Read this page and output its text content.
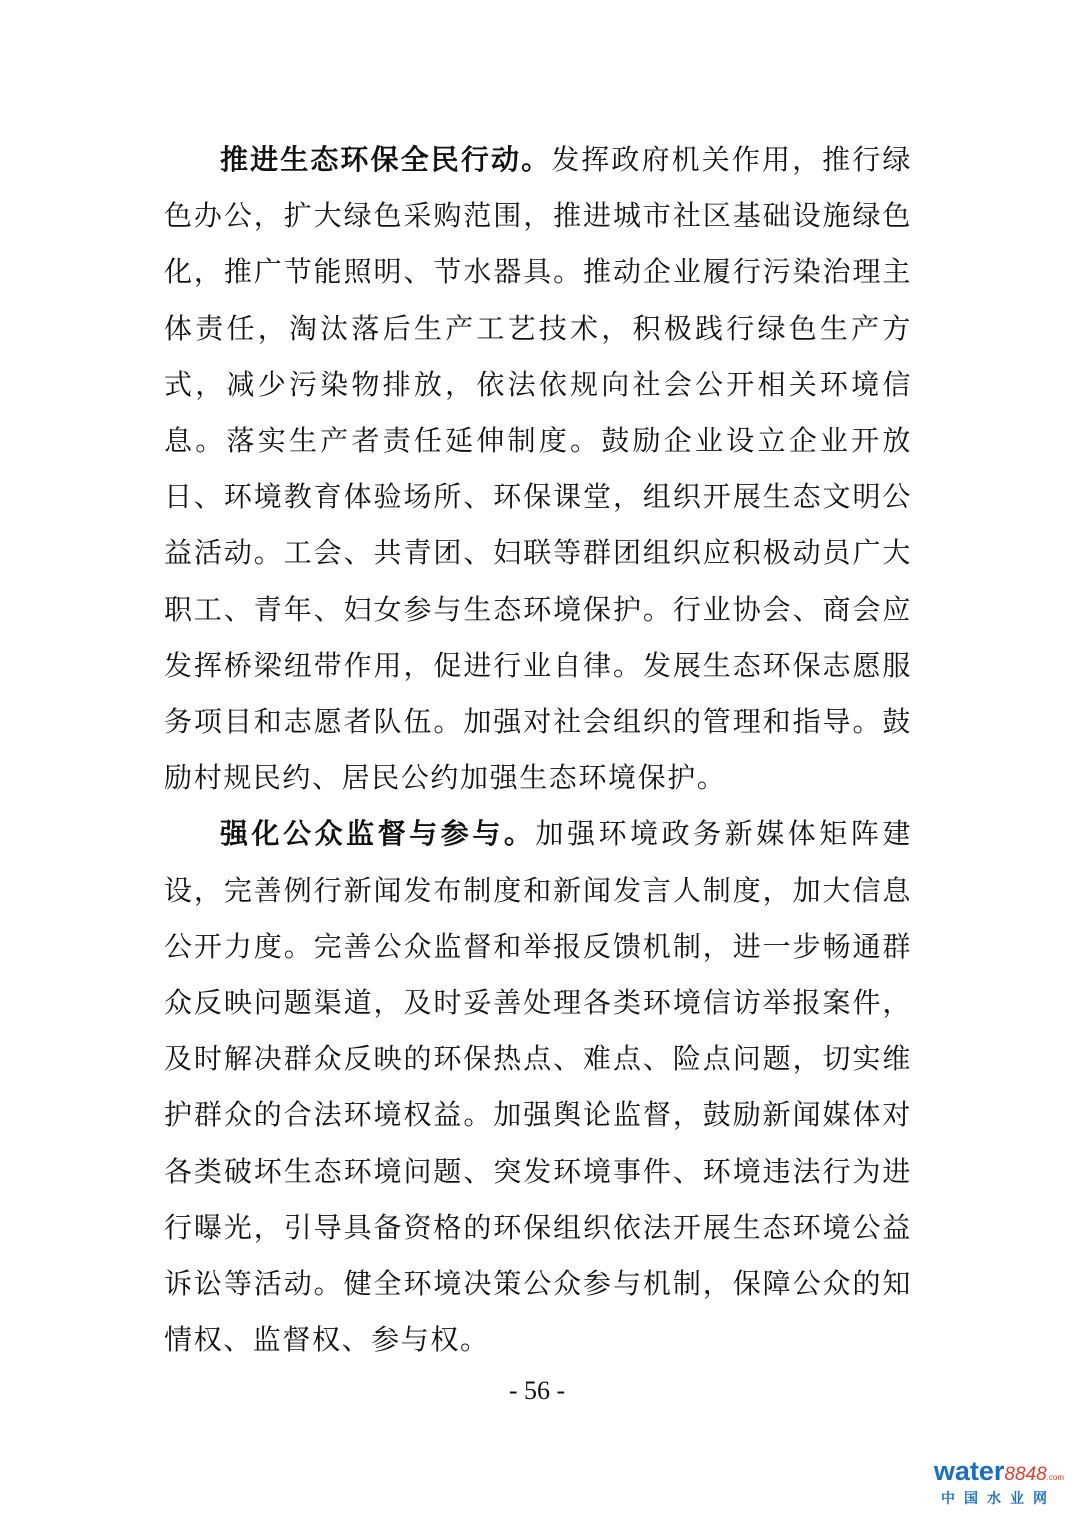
推进生态环保全民行动。发挥政府机关作用，推行绿色办公，扩大绿色采购范围，推进城市社区基础设施绿色化，推广节能照明、节水器具。推动企业履行污染治理主体责任，淘汰落后生产工艺技术，积极践行绿色生产方式，减少污染物排放，依法依规向社会公开相关环境信息。落实生产者责任延伸制度。鼓励企业设立企业开放日、环境教育体验场所、环保课堂，组织开展生态文明公益活动。工会、共青团、妇联等群团组织应积极动员广大职工、青年、妇女参与生态环境保护。行业协会、商会应发挥桥梁纽带作用，促进行业自律。发展生态环保志愿服务项目和志愿者队伍。加强对社会组织的管理和指导。鼓励村规民约、居民公约加强生态环境保护。

强化公众监督与参与。加强环境政务新媒体矩阵建设，完善例行新闻发布制度和新闻发言人制度，加大信息公开力度。完善公众监督和举报反馈机制，进一步畅通群众反映问题渠道，及时妥善处理各类环境信访举报案件，及时解决群众反映的环保热点、难点、险点问题，切实维护群众的合法环境权益。加强舆论监督，鼓励新闻媒体对各类破坏生态环境问题、突发环境事件、环境违法行为进行曝光，引导具备资格的环保组织依法开展生态环境公益诉讼等活动。健全环境决策公众参与机制，保障公众的知情权、监督权、参与权。

- 56 -
water8848.com
中国水业网
